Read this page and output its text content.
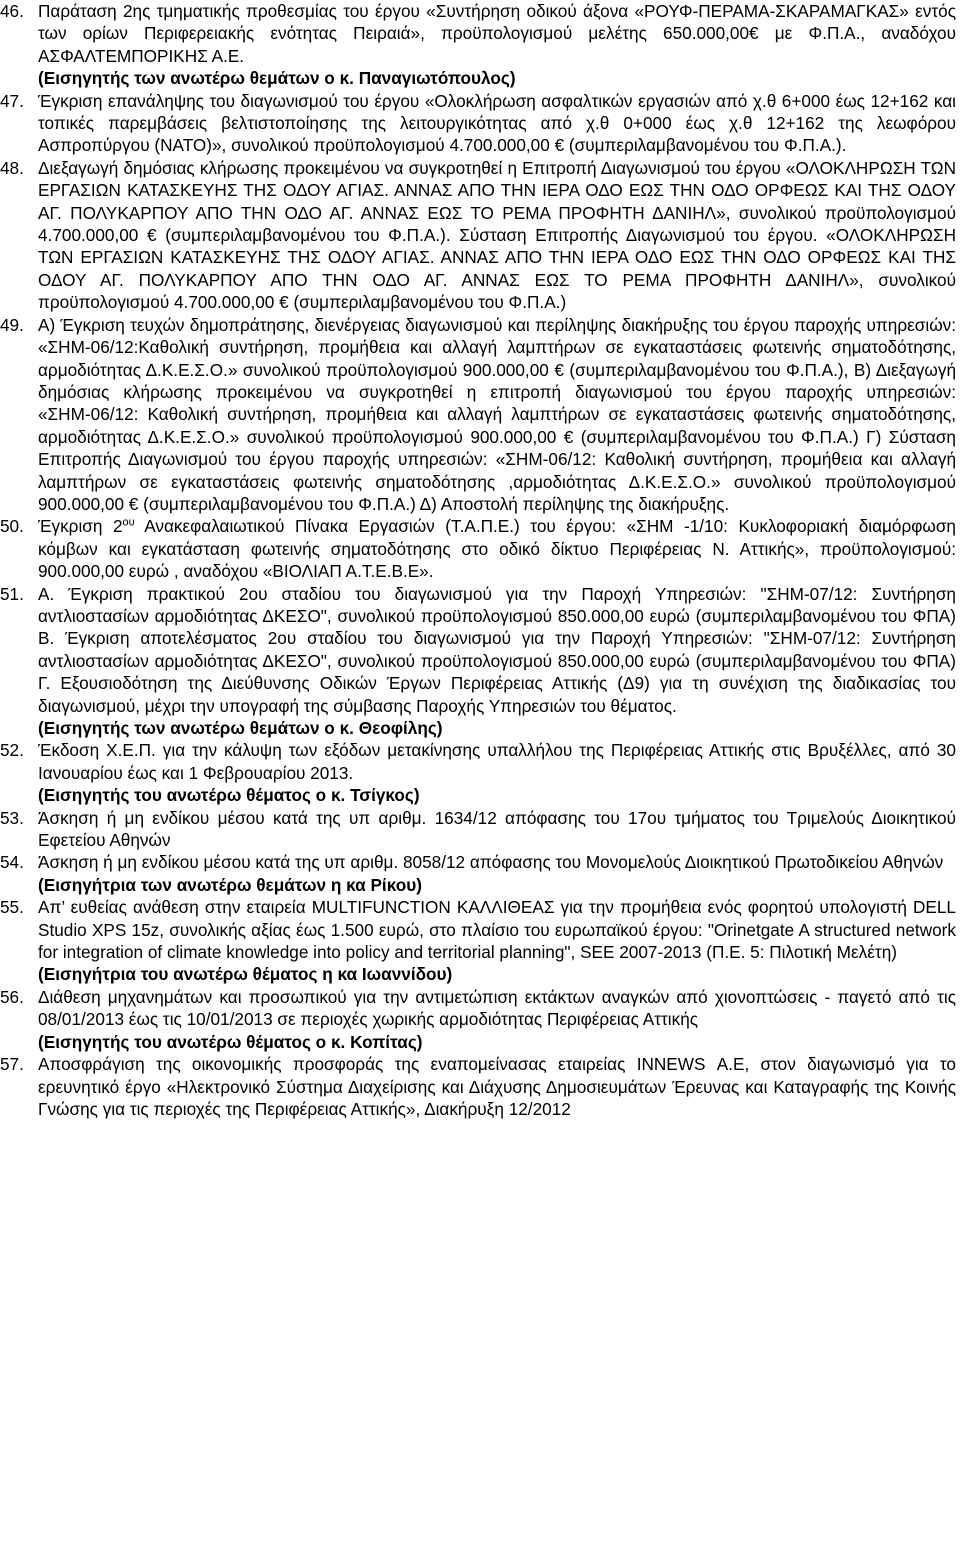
46. Παράταση 2ης τμηματικής προθεσμίας του έργου «Συντήρηση οδικού άξονα «ΡΟΥΦ-ΠΕΡΑΜΑ-ΣΚΑΡΑΜΑΓΚΑΣ» εντός των ορίων Περιφερειακής ενότητας Πειραιά», προϋπολογισμού μελέτης 650.000,00€ με Φ.Π.Α., αναδόχου ΑΣΦΑΛΤΕΜΠΟΡΙΚΗΣ Α.Ε.
(Εισηγητής των ανωτέρω θεμάτων ο κ. Παναγιωτόπουλος)
47. Έγκριση επανάληψης του διαγωνισμού του έργου «Ολοκλήρωση ασφαλτικών εργασιών από χ.θ 6+000 έως 12+162 και τοπικές παρεμβάσεις βελτιστοποίησης της λειτουργικότητας από χ.θ 0+000 έως χ.θ 12+162 της λεωφόρου Ασπροπύργου (ΝΑΤΟ)», συνολικού προϋπολογισμού 4.700.000,00 € (συμπεριλαμβανομένου του Φ.Π.Α.).
48. Διεξαγωγή δημόσιας κλήρωσης προκειμένου να συγκροτηθεί η Επιτροπή Διαγωνισμού του έργου «ΟΛΟΚΛΗΡΩΣΗ ΤΩΝ ΕΡΓΑΣΙΩΝ ΚΑΤΑΣΚΕΥΗΣ ΤΗΣ ΟΔΟΥ ΑΓΙΑΣ. ΑΝΝΑΣ ΑΠΟ ΤΗΝ ΙΕΡΑ ΟΔΟ ΕΩΣ ΤΗΝ ΟΔΟ ΟΡΦΕΩΣ ΚΑΙ ΤΗΣ ΟΔΟΥ ΑΓ. ΠΟΛΥΚΑΡΠΟΥ ΑΠΟ ΤΗΝ ΟΔΟ ΑΓ. ΑΝΝΑΣ ΕΩΣ ΤΟ ΡΕΜΑ ΠΡΟΦΗΤΗ ΔΑΝΙΗΛ», συνολικού προϋπολογισμού 4.700.000,00 € (συμπεριλαμβανομένου του Φ.Π.Α.). Σύσταση Επιτροπής Διαγωνισμού του έργου. «ΟΛΟΚΛΗΡΩΣΗ ΤΩΝ ΕΡΓΑΣΙΩΝ ΚΑΤΑΣΚΕΥΗΣ ΤΗΣ ΟΔΟΥ ΑΓΙΑΣ. ΑΝΝΑΣ ΑΠΟ ΤΗΝ ΙΕΡΑ ΟΔΟ ΕΩΣ ΤΗΝ ΟΔΟ ΟΡΦΕΩΣ ΚΑΙ ΤΗΣ ΟΔΟΥ ΑΓ. ΠΟΛΥΚΑΡΠΟΥ ΑΠΟ ΤΗΝ ΟΔΟ ΑΓ. ΑΝΝΑΣ ΕΩΣ ΤΟ ΡΕΜΑ ΠΡΟΦΗΤΗ ΔΑΝΙΗΛ», συνολικού προϋπολογισμού 4.700.000,00 € (συμπεριλαμβανομένου του Φ.Π.Α.)
49. Α) Έγκριση τευχών δημοπράτησης, διενέργειας διαγωνισμού και περίληψης διακήρυξης του έργου παροχής υπηρεσιών: «ΣΗΜ-06/12:Καθολική συντήρηση, προμήθεια και αλλαγή λαμπτήρων σε εγκαταστάσεις φωτεινής σηματοδότησης, αρμοδιότητας Δ.Κ.Ε.Σ.Ο.» συνολικού προϋπολογισμού 900.000,00 € (συμπεριλαμβανομένου του Φ.Π.Α.), Β) Διεξαγωγή δημόσιας κλήρωσης προκειμένου να συγκροτηθεί η επιτροπή διαγωνισμού του έργου παροχής υπηρεσιών: «ΣΗΜ-06/12: Καθολική συντήρηση, προμήθεια και αλλαγή λαμπτήρων σε εγκαταστάσεις φωτεινής σηματοδότησης, αρμοδιότητας Δ.Κ.Ε.Σ.Ο.» συνολικού προϋπολογισμού 900.000,00 € (συμπεριλαμβανομένου του Φ.Π.Α.) Γ) Σύσταση Επιτροπής Διαγωνισμού του έργου παροχής υπηρεσιών: «ΣΗΜ-06/12: Καθολική συντήρηση, προμήθεια και αλλαγή λαμπτήρων σε εγκαταστάσεις φωτεινής σηματοδότησης ,αρμοδιότητας Δ.Κ.Ε.Σ.Ο.» συνολικού προϋπολογισμού 900.000,00 € (συμπεριλαμβανομένου του Φ.Π.Α.) Δ) Αποστολή περίληψης της διακήρυξης.
50. Έγκριση $2^{o\upsilon}$ Ανακεφαλαιωτικού Πίνακα Εργασιών (Τ.Α.Π.Ε.) του έργου: «ΣΗΜ -1/10: Κυκλοφοριακή διαμόρφωση κόμβων και εγκατάσταση φωτεινής σηματοδότησης στο οδικό δίκτυο Περιφέρειας Ν. Αττικής», προϋπολογισμού: 900.000,00 ευρώ , αναδόχου «ΒΙΟΛΙΑΠ Α.Τ.Ε.Β.Ε».
51. Α. Έγκριση πρακτικού 2ου σταδίου του διαγωνισμού για την Παροχή Υπηρεσιών: "ΣΗΜ-07/12: Συντήρηση αντλιοστασίων αρμοδιότητας ΔΚΕΣΟ", συνολικού προϋπολογισμού 850.000,00 ευρώ (συμπεριλαμβανομένου του ΦΠΑ) Β. Έγκριση αποτελέσματος 2ου σταδίου του διαγωνισμού για την Παροχή Υπηρεσιών: "ΣΗΜ-07/12: Συντήρηση αντλιοστασίων αρμοδιότητας ΔΚΕΣΟ", συνολικού προϋπολογισμού 850.000,00 ευρώ (συμπεριλαμβανομένου του ΦΠΑ) Γ. Εξουσιοδότηση της Διεύθυνσης Οδικών Έργων Περιφέρειας Αττικής (Δ9) για τη συνέχιση της διαδικασίας του διαγωνισμού, μέχρι την υπογραφή της σύμβασης Παροχής Υπηρεσιών του θέματος.
(Εισηγητής των ανωτέρω θεμάτων ο κ. Θεοφίλης)
52. Έκδοση Χ.Ε.Π. για την κάλυψη των εξόδων μετακίνησης υπαλλήλου της Περιφέρειας Αττικής στις Βρυξέλλες, από 30 Ιανουαρίου έως και 1 Φεβρουαρίου 2013.
(Εισηγητής του ανωτέρω θέματος ο κ. Τσίγκος)
53. Άσκηση ή μη ενδίκου μέσου κατά της υπ αριθμ. 1634/12 απόφασης του 17ου τμήματος του Τριμελούς Διοικητικού Εφετείου Αθηνών
54. Άσκηση ή μη ενδίκου μέσου κατά της υπ αριθμ. 8058/12 απόφασης του Μονομελούς Διοικητικού Πρωτοδικείου Αθηνών
(Εισηγήτρια των ανωτέρω θεμάτων η κα Ρίκου)
55. Απ’ ευθείας ανάθεση στην εταιρεία MULTIFUNCTION ΚΑΛΛΙΘΕΑΣ για την προμήθεια ενός φορητού υπολογιστή DELL Studio XPS 15z, συνολικής αξίας έως 1.500 ευρώ, στο πλαίσιο του ευρωπαϊκού έργου: "Orinetgate A structured network for integration of climate knowledge into policy and territorial planning", SEE 2007-2013 (Π.Ε. 5: Πιλοτική Μελέτη)
(Εισηγήτρια του ανωτέρω θέματος η κα Ιωαννίδου)
56. Διάθεση μηχανημάτων και προσωπικού για την αντιμετώπιση εκτάκτων αναγκών από χιονοπτώσεις - παγετό από τις 08/01/2013 έως τις 10/01/2013 σε περιοχές χωρικής αρμοδιότητας Περιφέρειας Αττικής
(Εισηγητής του ανωτέρω θέματος ο κ. Κοπίτας)
57. Αποσφράγιση της οικονομικής προσφοράς της εναπομείνασας εταιρείας INNEWS Α.Ε, στον διαγωνισμό για το ερευνητικό έργο «Ηλεκτρονικό Σύστημα Διαχείρισης και Διάχυσης Δημοσιευμάτων Έρευνας και Καταγραφής της Κοινής Γνώσης για τις περιοχές της Περιφέρειας Αττικής», Διακήρυξη 12/2012
